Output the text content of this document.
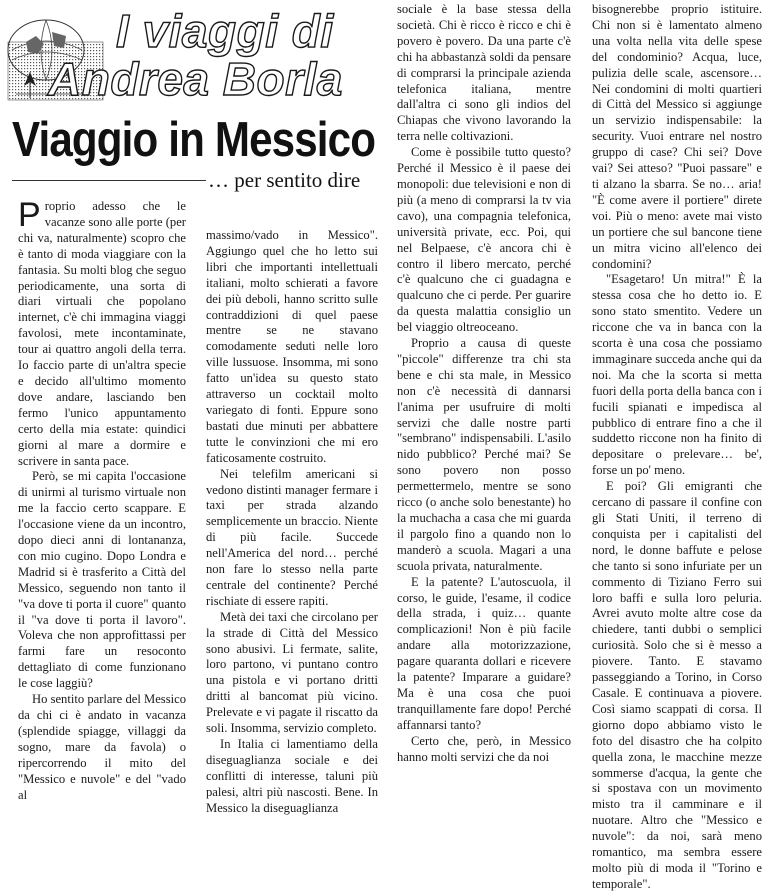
I viaggi di
Andrea Borla
Viaggio in Messico
… per sentito dire

Proprio adesso che le vacanze sono alle porte (per chi va, naturalmente) scopro che è tanto di moda viaggiare con la fantasia. Su molti blog che seguo periodicamente, una sorta di diari virtuali che popolano internet, c'è chi immagina viaggi favolosi, mete incontaminate, tour ai quattro angoli della terra. Io faccio parte di un'altra specie e decido all'ultimo momento dove andare, lasciando ben fermo l'unico appuntamento certo della mia estate: quindici giorni al mare a dormire e scrivere in santa pace.

Però, se mi capita l'occasione di unirmi al turismo virtuale non me la faccio certo scappare. E l'occasione viene da un incontro, dopo dieci anni di lontananza, con mio cugino. Dopo Londra e Madrid si è trasferito a Città del Messico, seguendo non tanto il "va dove ti porta il cuore" quanto il "va dove ti porta il lavoro". Voleva che non approfittassi per farmi fare un resoconto dettagliato di come funzionano le cose laggiù?

Ho sentito parlare del Messico da chi ci è andato in vacanza (splendide spiagge, villaggi da sogno, mare da favola) o ripercorrendo il mito del "Messico e nuvole" e del "vado al

massimo/vado in Messico". Aggiungo quel che ho letto sui libri che importanti intellettuali italiani, molto schierati a favore dei più deboli, hanno scritto sulle contraddizioni di quel paese mentre se ne stavano comodamente seduti nelle loro ville lussuose. Insomma, mi sono fatto un'idea su questo stato attraverso un cocktail molto variegato di fonti. Eppure sono bastati due minuti per abbattere tutte le convinzioni che mi ero faticosamente costruito.

Nei telefilm americani si vedono distinti manager fermare i taxi per strada alzando semplicemente un braccio. Niente di più facile. Succede nell'America del nord… perché non fare lo stesso nella parte centrale del continente? Perché rischiate di essere rapiti.

Metà dei taxi che circolano per la strade di Città del Messico sono abusivi. Li fermate, salite, loro partono, vi puntano contro una pistola e vi portano dritti dritti al bancomat più vicino. Prelevate e vi pagate il riscatto da soli. Insomma, servizio completo.

In Italia ci lamentiamo della diseguaglianza sociale e dei conflitti di interesse, taluni più palesi, altri più nascosti. Bene. In Messico la diseguaglianza

sociale è la base stessa della società. Chi è ricco è ricco e chi è povero è povero. Da una parte c'è chi ha abbastanzà soldi da pensare di comprarsi la principale azienda telefonica italiana, mentre dall'altra ci sono gli indios del Chiapas che vivono lavorando la terra nelle coltivazioni.

Come è possibile tutto questo? Perché il Messico è il paese dei monopoli: due televisioni e non di più (a meno di comprarsi la tv via cavo), una compagnia telefonica, università private, ecc. Poi, qui nel Belpaese, c'è ancora chi è contro il libero mercato, perché c'è qualcuno che ci guadagna e qualcuno che ci perde. Per guarire da questa malattia consiglio un bel viaggio oltreoceano.

Proprio a causa di queste "piccole" differenze tra chi sta bene e chi sta male, in Messico non c'è necessità di dannarsi l'anima per usufruire di molti servizi che dalle nostre parti "sembrano" indispensabili. L'asilo nido pubblico? Perché mai? Se sono povero non posso permettermelo, mentre se sono ricco (o anche solo benestante) ho la muchacha a casa che mi guarda il pargolo fino a quando non lo manderò a scuola. Magari a una scuola privata, naturalmente.

E la patente? L'autoscuola, il corso, le guide, l'esame, il codice della strada, i quiz… quante complicazioni! Non è più facile andare alla motorizzazione, pagare quaranta dollari e ricevere la patente? Imparare a guidare? Ma è una cosa che puoi tranquillamente fare dopo! Perché affannarsi tanto?

Certo che, però, in Messico hanno molti servizi che da noi

bisognerebbe proprio istituire. Chi non si è lamentato almeno una volta nella vita delle spese del condominio? Acqua, luce, pulizia delle scale, ascensore… Nei condomini di molti quartieri di Città del Messico si aggiunge un servizio indispensabile: la security. Vuoi entrare nel nostro gruppo di case? Chi sei? Dove vai? Sei atteso? "Puoi passare" e ti alzano la sbarra. Se no… aria! "È come avere il portiere" direte voi. Più o meno: avete mai visto un portiere che sul bancone tiene un mitra vicino all'elenco dei condomini?

"Esagetaro! Un mitra!" È la stessa cosa che ho detto io. E sono stato smentito. Vedere un riccone che va in banca con la scorta è una cosa che possiamo immaginare succeda anche qui da noi. Ma che la scorta si metta fuori della porta della banca con i fucili spianati e impedisca al pubblico di entrare fino a che il suddetto riccone non ha finito di depositare o prelevare… be', forse un po' meno.

E poi? Gli emigranti che cercano di passare il confine con gli Stati Uniti, il terreno di conquista per i capitalisti del nord, le donne baffute e pelose che tanto si sono infuriate per un commento di Tiziano Ferro sui loro baffi e sulla loro peluria. Avrei avuto molte altre cose da chiedere, tanti dubbi o semplici curiosità. Solo che si è messo a piovere. Tanto. E stavamo passeggiando a Torino, in Corso Casale. E continuava a piovere. Così siamo scappati di corsa. Il giorno dopo abbiamo visto le foto del disastro che ha colpito quella zona, le macchine mezze sommerse d'acqua, la gente che si spostava con un movimento misto tra il camminare e il nuotare. Altro che "Messico e nuvole": da noi, sarà meno romantico, ma sembra essere molto più di moda il "Torino e temporale".
